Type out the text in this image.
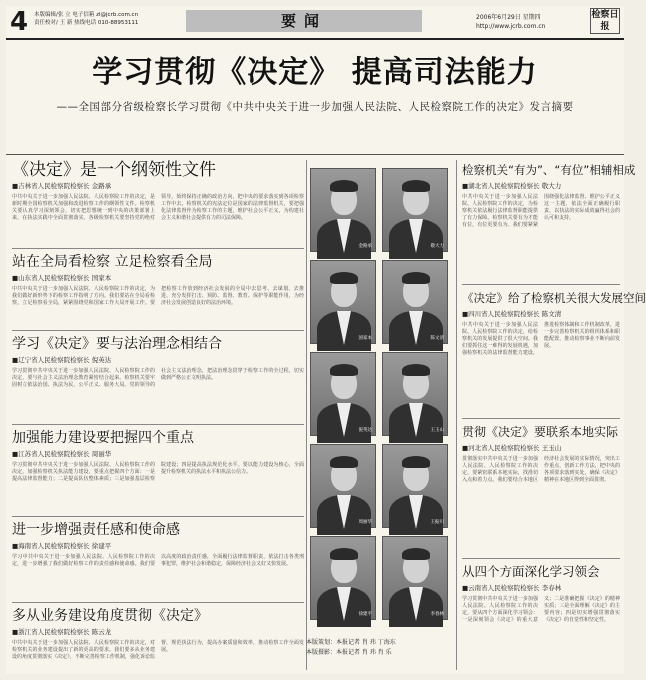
4 本版编辑/张 立 电子信箱 zl@jcrb.com.cn
责任校对/ 王 新 热线电话 010-88953111	要闻	2006年6月29日 星期四
http://www.jcrb.com.cn
检察日报
学习贯彻《决定》 提高司法能力
——全国部分省级检察长学习贯彻《中共中央关于进一步加强人民法院、人民检察院工作的决定》发言摘要
《决定》是一个纲领性文件
■吉林省人民检察院检察长 金路承
中共中央关于进一步加强人民法院、人民检察院工作的决定，是新时期全国检察机关加强和改进检察工作的纲领性文件。检察机关要认真学习深刻领会，切实把思想统一到中央的决策部署上来，在执法实践中全面贯彻落实。各级检察机关要坚持党的绝对领导，始终保持正确的政治方向，把中央的要求落实到各项检察工作中去。检察机关的宪法定位是国家的法律监督机关，要把强化法律监督作为检察工作的主题，维护社会公平正义，为构建社会主义和谐社会提供有力的司法保障。
站在全局看检察 立足检察看全局
■山东省人民检察院检察长 国家本
中共中央关于进一步加强人民法院、人民检察院工作的决定，为我们做好新形势下的检察工作指明了方向。我们要站在全局看检察，立足检察看全局，紧紧围绕党和国家工作大局开展工作。要把检察工作放到经济社会发展的全局中去思考、去谋划、去推进，充分发挥打击、预防、监督、教育、保护等职能作用，为经济社会发展创造良好的法治环境。
学习《决定》要与法治理念相结合
■辽宁省人民检察院检察长 倪英达
学习贯彻中共中央关于进一步加强人民法院、人民检察院工作的决定，要与社会主义法治理念教育紧密结合起来。检察机关要牢固树立依法治国、执法为民、公平正义、服务大局、党的领导的社会主义法治理念，把法治理念贯穿于检察工作的全过程，切实做到严格公正文明执法。
加强能力建设要把握四个重点
■江苏省人民检察院检察长 周丽华
学习贯彻中共中央关于进一步加强人民法院、人民检察院工作的决定，加强检察机关执法能力建设，要重点把握四个方面：一是提高法律监督能力；二是提高队伍整体素质；三是加强基层检察院建设；四是提高执法规范化水平。要以能力建设为核心，全面提升检察机关的执法水平和执法公信力。
进一步增强责任感和使命感
■海南省人民检察院检察长 徐建平
学习中共中央关于进一步加强人民法院、人民检察院工作的决定，进一步增强了我们做好检察工作的责任感和使命感。我们要以高度的政治责任感，全面履行法律监督职责，依法打击各类刑事犯罪，维护社会和谐稳定，保障经济社会又好又快发展。
多从业务建设角度贯彻《决定》
■浙江省人民检察院检察长 陈云龙
中共中央关于进一步加强人民法院、人民检察院工作的决定，对检察机关的业务建设提出了新的更高的要求。我们要多从业务建设的角度贯彻落实《决定》，不断完善检察工作机制，强化诉讼监督，规范执法行为，提高办案质量和效率，推动检察工作全面发展。
金路承	敬大力
国家本	陈文清
倪英达	王玉山
周丽华	王振川
徐建平	李春林
本版策划：本报记者 肖 玮 丁海东
本版摄影：本报记者 肖 玮 肖 乐
检察机关“有为”、“有位”相辅相成
■湖北省人民检察院检察长 敬大力
中共中央关于进一步加强人民法院、人民检察院工作的决定，为检察机关依法履行法律监督职能提供了有力保障。检察机关要有为才能有位，有位更要有为。我们要紧紧围绕强化法律监督、维护公平正义这一主题，依法全面正确履行职责，以执法的实际成效赢得社会的认可和支持。
《决定》给了检察机关很大发展空间
■四川省人民检察院检察长 陈文清
中共中央关于进一步加强人民法院、人民检察院工作的决定，给检察机关的发展提供了很大空间。我们要抓住这一难得的发展机遇，加强检察机关的法律监督能力建设，推进检察体制和工作机制改革，进一步完善检察机关的组织体系和职能配置，推动检察事业不断向前发展。
贯彻《决定》要联系本地实际
■河北省人民检察院检察长 王玉山
贯彻落实中共中央关于进一步加强人民法院、人民检察院工作的决定，要紧密联系本地实际，找准切入点和着力点。我们要结合本地区经济社会发展的实际情况，突出工作重点，创新工作方法，把中央的各项要求落到实处，确保《决定》精神在本地区得到全面贯彻。
从四个方面深化学习领会
■云南省人民检察院检察长 李春林
学习贯彻中共中央关于进一步加强人民法院、人民检察院工作的决定，要从四个方面深化学习领会：一是深刻领会《决定》的重大意义；二是准确把握《决定》的精神实质；三是全面理解《决定》的主要内容；四是切实增强贯彻落实《决定》的自觉性和坚定性。
